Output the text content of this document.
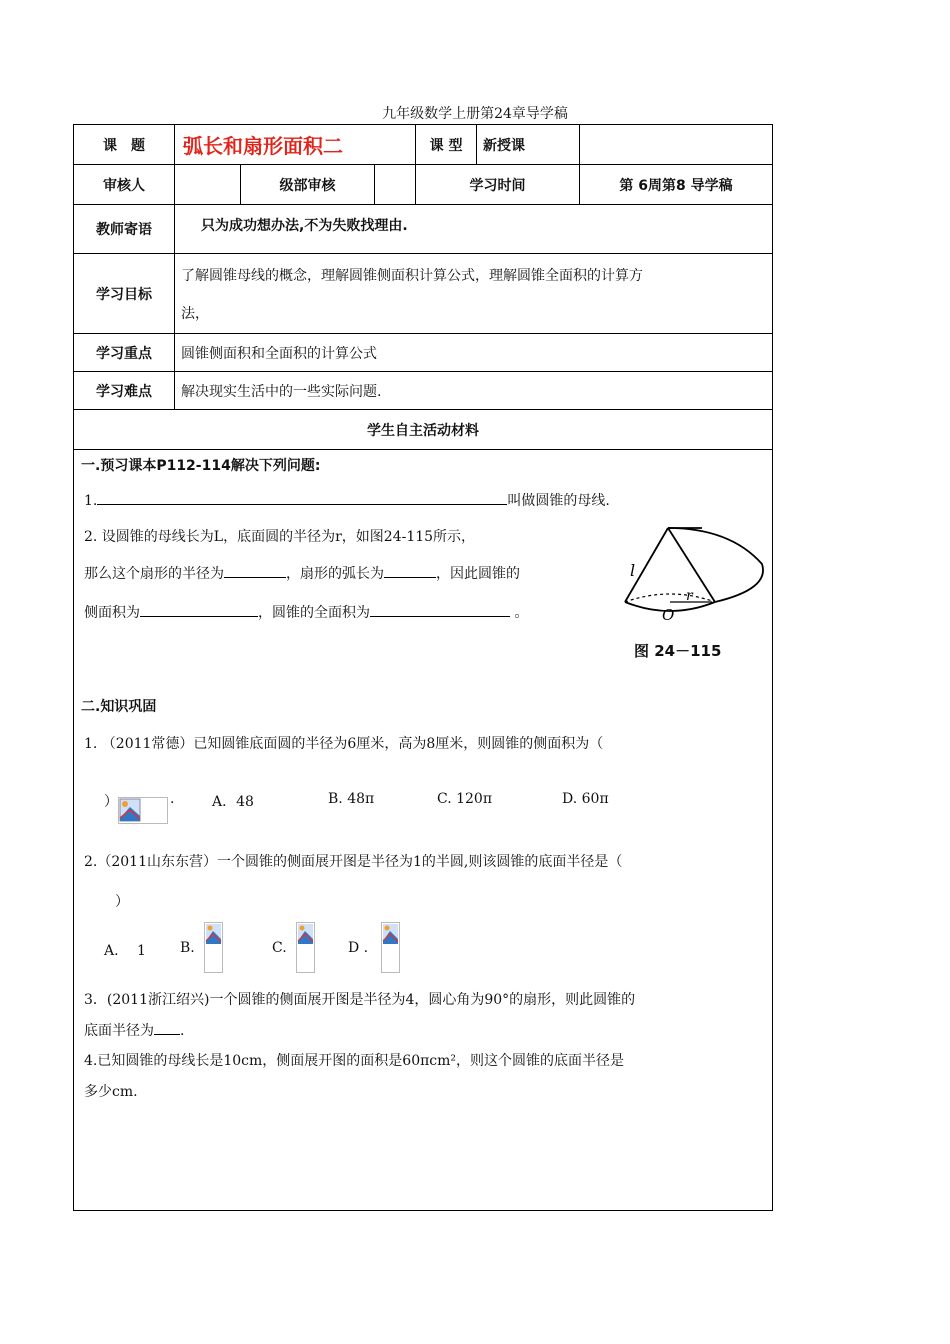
九年级数学上册第24章导学稿
课　题	弧长和扇形面积二			课 型	新授课	
审核人		级部审核		学习时间		第 6周第8 导学稿
教师寄语	只为成功想办法,不为失败找理由.					
学习目标	了解圆锥母线的概念，理解圆锥侧面积计算公式，理解圆锥全面积的计算方
法，					

学习重点	圆锥侧面积和全面积的计算公式					
学习难点	解决现实生活中的一些实际问题.					
学生自主活动材料						

一.预习课本P112-114解决下列问题:
1.	叫做圆锥的母线.
2. 设圆锥的母线长为L，底面圆的半径为r，如图24-115所示，
那么这个扇形的半径为	，扇形的弧长为	，因此圆锥的
侧面积为	，圆锥的全面积为	。
l
r
O
图 24－115
二.知识巩固
1. （2011常德）已知圆锥底面圆的半径为6厘米，高为8厘米，则圆锥的侧面积为（
）	.	A．48	B. 48π	C. 120π	D. 60π
2.（2011山东东营）一个圆锥的侧面展开图是半径为1的半圆,则该圆锥的底面半径是（
）
A.　 1 B.	C.	D .
3．(2011浙江绍兴)一个圆锥的侧面展开图是半径为4，圆心角为90°的扇形，则此圆锥的
底面半径为 .
4.已知圆锥的母线长是10cm，侧面展开图的面积是60πcm²，则这个圆锥的底面半径是
多少cm.
